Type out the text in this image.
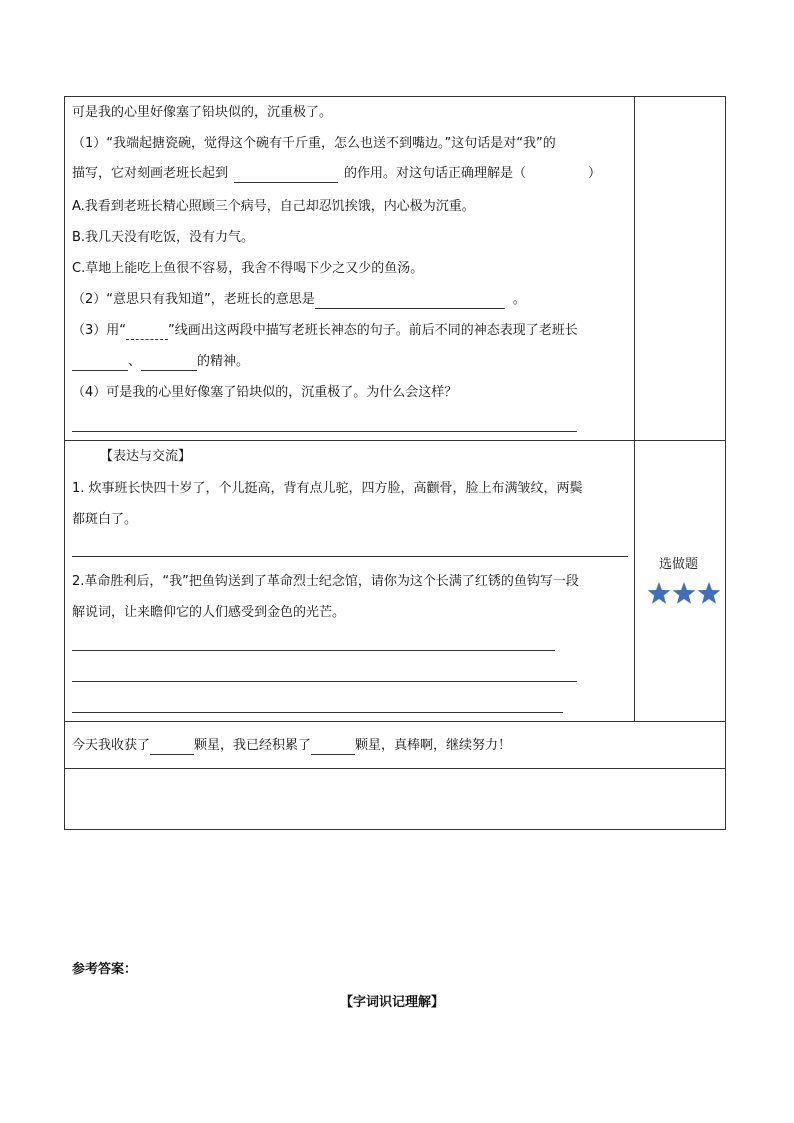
可是我的心里好像塞了铅块似的，沉重极了。
（1）“我端起搪瓷碗，觉得这个碗有千斤重，怎么也送不到嘴边。”这句话是对“我”的
描写，它对刻画老班长起到	的作用。对这句话正确理解是（	）
A.我看到老班长精心照顾三个病号，自己却忍饥挨饿，内心极为沉重。
B.我几天没有吃饭，没有力气。
C.草地上能吃上鱼很不容易，我舍不得喝下少之又少的鱼汤。
（2）“意思只有我知道”，老班长的意思是	。
（3）用“	”线画出这两段中描写老班长神态的句子。前后不同的神态表现了老班长
、	的精神。
（4）可是我的心里好像塞了铅块似的，沉重极了。为什么会这样？
【表达与交流】
1. 炊事班长快四十岁了，个儿挺高，背有点儿驼，四方脸，高颧骨，脸上布满皱纹，两鬓
都斑白了。
2.革命胜利后，“我”把鱼钩送到了革命烈士纪念馆，请你为这个长满了红锈的鱼钩写一段
解说词，让来瞻仰它的人们感受到金色的光芒。
选做题
今天我收获了	颗星，我已经积累了	颗星，真棒啊，继续努力！
参考答案：
【字词识记理解】
